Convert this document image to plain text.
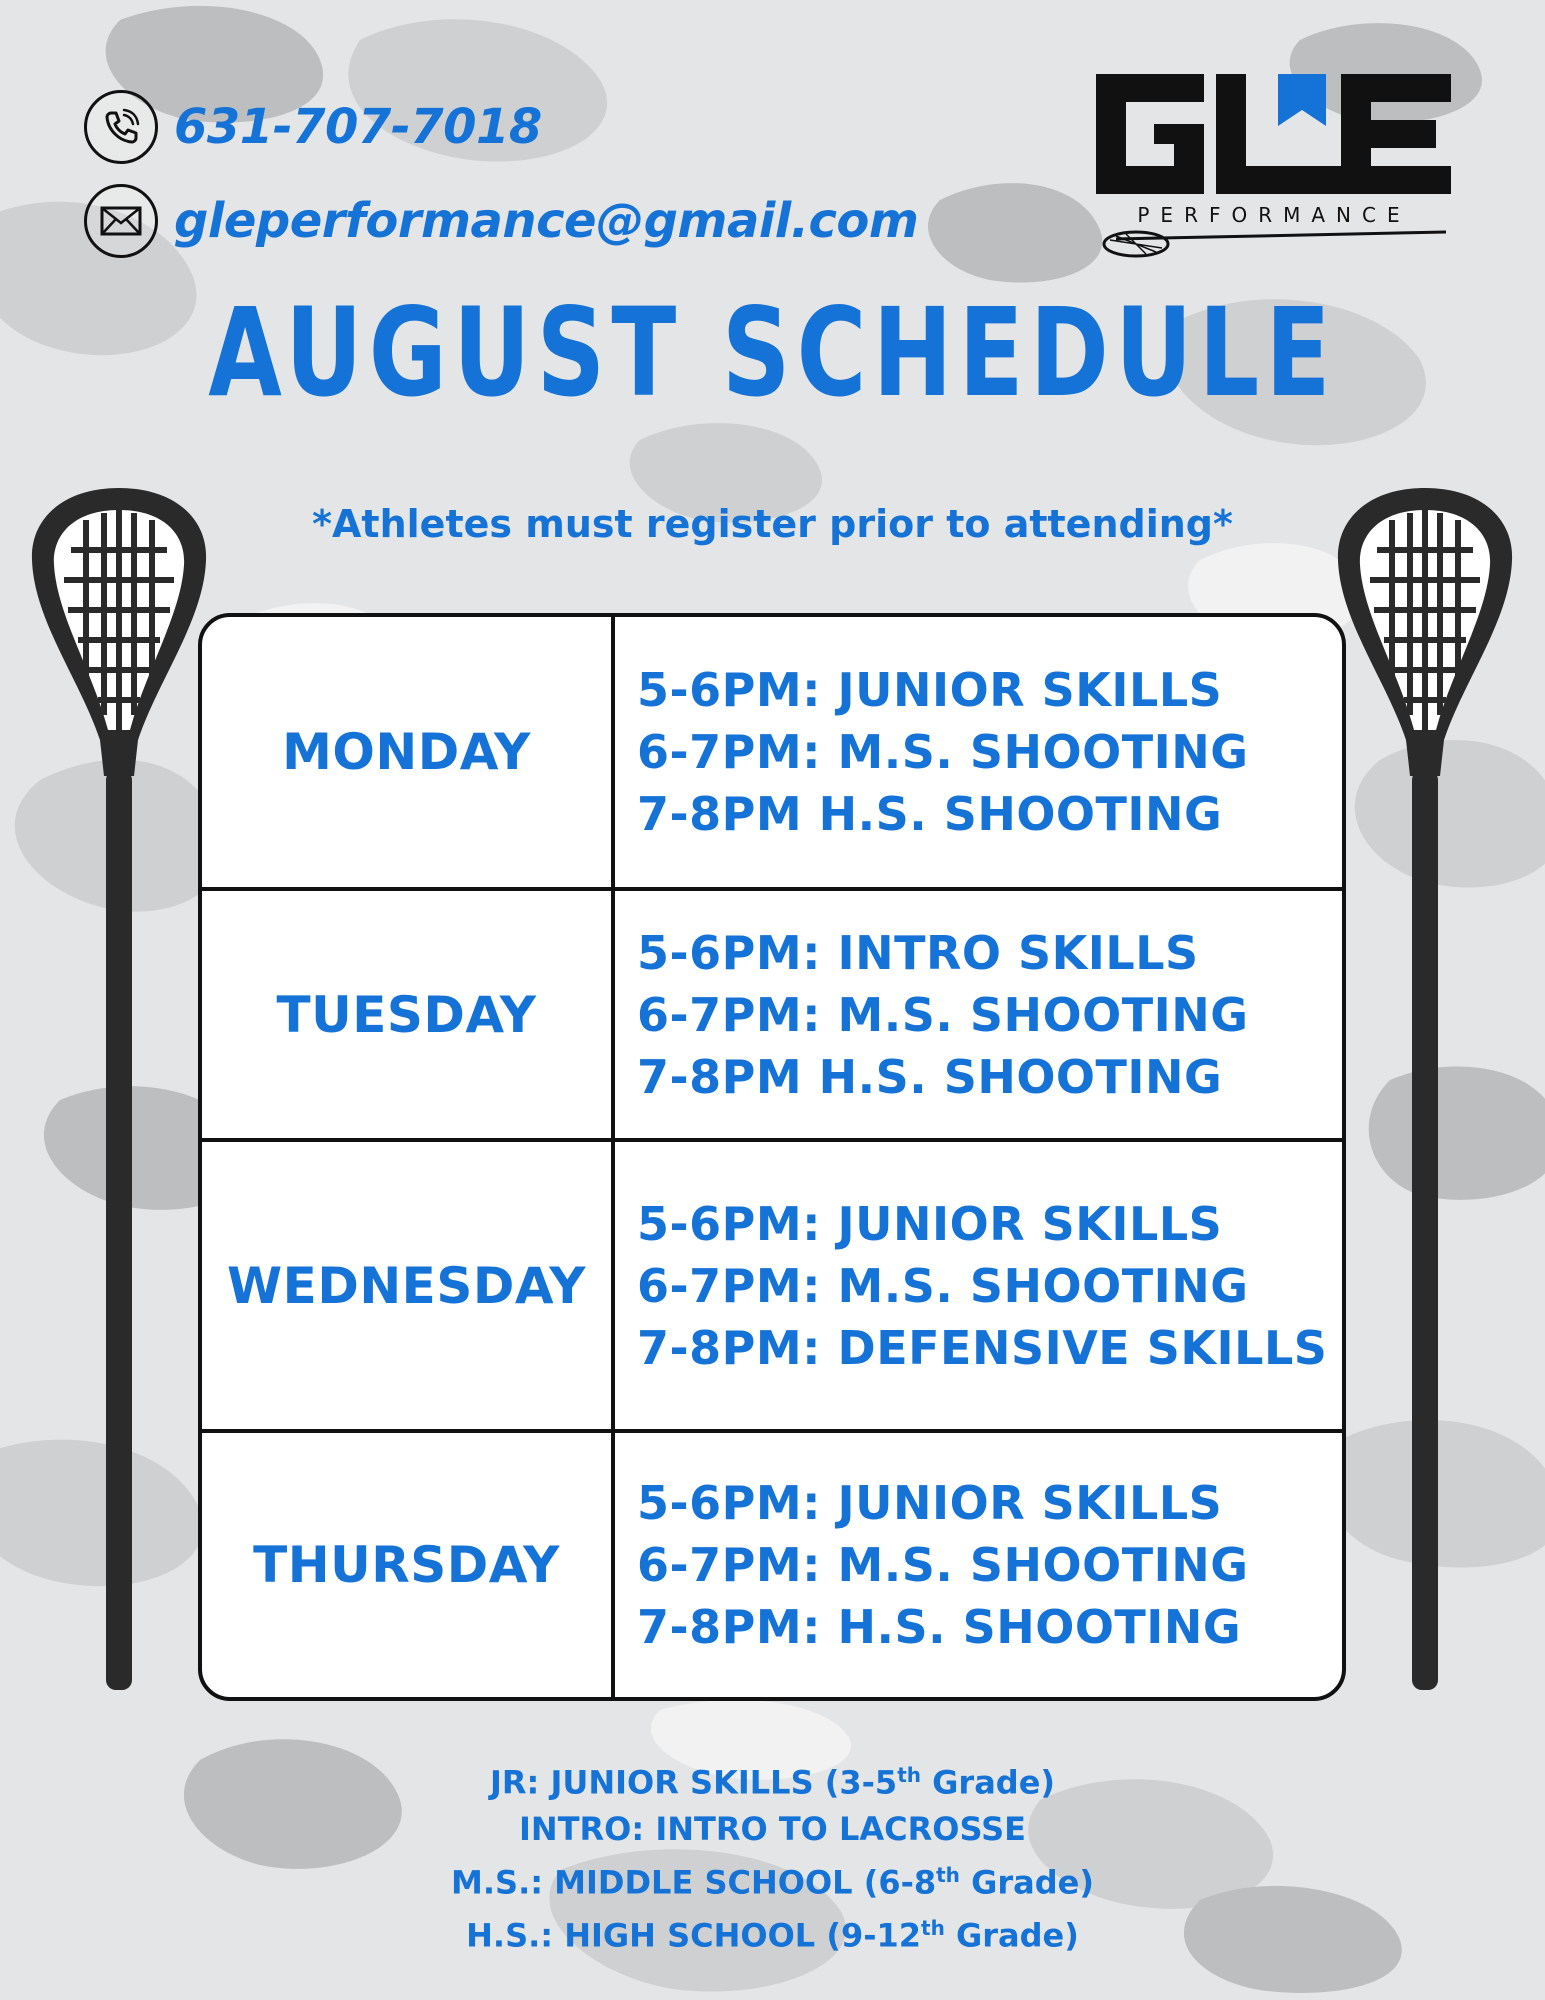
631-707-7018
gleperformance@gmail.com	PERFORMANCE
AUGUST SCHEDULE
*Athletes must register prior to attending*
MONDAY
5-6PM: JUNIOR SKILLS
6-7PM: M.S. SHOOTING
7-8PM H.S. SHOOTING
TUESDAY
5-6PM: INTRO SKILLS
6-7PM: M.S. SHOOTING
7-8PM H.S. SHOOTING
WEDNESDAY
5-6PM: JUNIOR SKILLS
6-7PM: M.S. SHOOTING
7-8PM: DEFENSIVE SKILLS
THURSDAY
5-6PM: JUNIOR SKILLS
6-7PM: M.S. SHOOTING
7-8PM: H.S. SHOOTING
JR: JUNIOR SKILLS (3-5th Grade)
INTRO: INTRO TO LACROSSE
M.S.: MIDDLE SCHOOL (6-8th Grade)
H.S.: HIGH SCHOOL (9-12th Grade)
